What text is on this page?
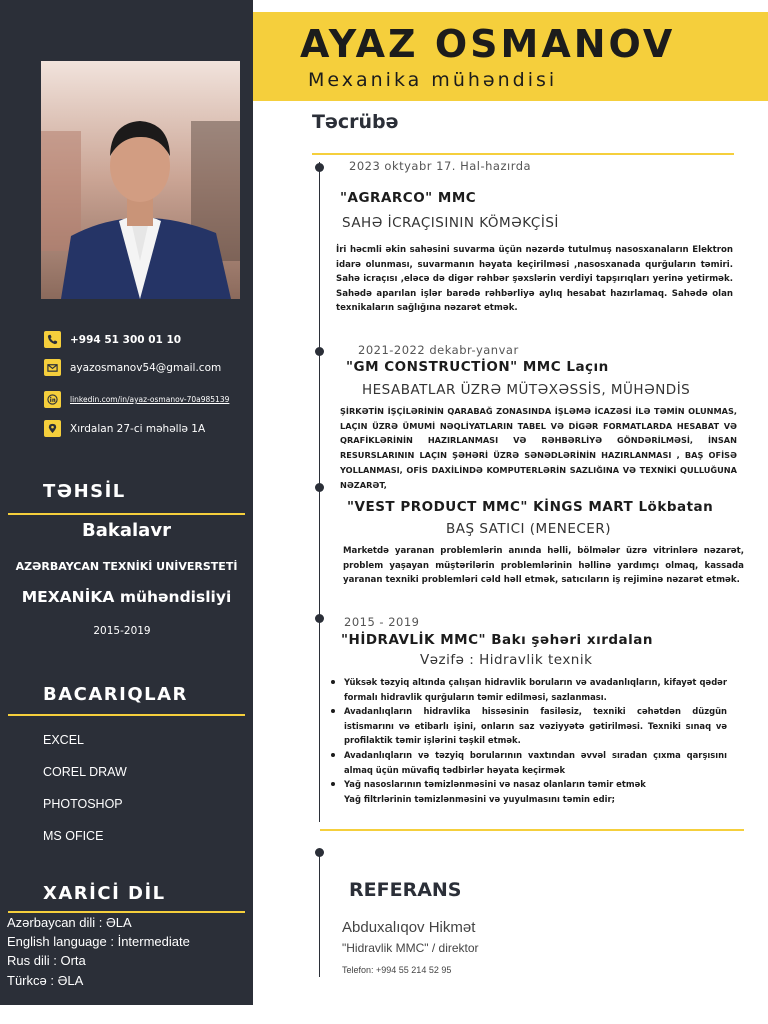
+994 51 300 01 10
ayazosmanov54@gmail.com
linkedin.com/in/ayaz-osmanov-70a985139
Xırdalan 27-ci məhəllə 1A
TƏHSİL
Bakalavr
AZƏRBAYCAN TEXNİKİ UNİVERSTETİ
MEXANİKA mühəndisliyi
2015-2019
BACARIQLAR
EXCEL
COREL DRAW
PHOTOSHOP
MS OFICE
XARİCİ DİL
Azərbaycan dili : ƏLA
English language : İntermediate
Rus dili : Orta
Türkcə : ƏLA
AYAZ OSMANOV
Mexanika mühəndisi
Təcrübə
2023 oktyabr 17. Hal-hazırda
"AGRARCO" MMC
SAHƏ İCRAÇISININ KÖMƏKÇİSİ
İri həcmli əkin sahəsini suvarma üçün nəzərdə tutulmuş nasosxanaların Elektron idarə olunması, suvarmanın həyata keçirilməsi ,nasosxanada qurğuların təmiri. Sahə icraçısı ,eləcə də digər rəhbər şəxslərin verdiyi tapşırıqları yerinə yetirmək. Sahədə aparılan işlər barədə rəhbərliyə aylıq hesabat hazırlamaq. Sahədə olan texnikaların sağlığına nəzarət etmək.
2021-2022 dekabr-yanvar
"GM CONSTRUCTİON" MMC Laçın
HESABATLAR ÜZRƏ MÜTƏXƏSSİS, MÜHƏNDİS
ŞİRKƏTİN İŞÇİLƏRİNİN QARABAĞ ZONASINDA İŞLƏMƏ İCAZƏSİ İLƏ TƏMİN OLUNMAS, LAÇIN ÜZRƏ ÜMUMİ NƏQLİYATLARIN TABEL VƏ DİGƏR FORMATLARDA HESABAT VƏ QRAFİKLƏRİNİN HAZIRLANMASI VƏ RƏHBƏRLİYƏ GÖNDƏRİLMƏSİ, İNSAN RESURSLARININ LAÇIN ŞƏHƏRİ ÜZRƏ SƏNƏDLƏRİNİN HAZIRLANMASI , BAŞ OFİSƏ YOLLANMASI, OFİS DAXİLİNDƏ KOMPUTERLƏRİN SAZLIĞINA VƏ TEXNİKİ QULLUĞUNA NƏZARƏT,
"VEST PRODUCT MMC" KİNGS MART Lökbatan
BAŞ SATICI (MENECER)
Marketdə yaranan problemlərin anında həlli, bölmələr üzrə vitrinlərə nəzarət, problem yaşayan müştərilərin problemlərinin həllinə yardımçı olmaq, kassada yaranan texniki problemləri cəld həll etmək, satıcıların iş rejiminə nəzarət etmək.
2015 - 2019
"HİDRAVLİK MMC" Bakı şəhəri xırdalan
Vəzifə : Hidravlik texnik
Yüksək təzyiq altında çalışan hidravlik boruların və avadanlıqların, kifayət qədər formalı hidravlik qurğuların təmir edilməsi, sazlanması.
Avadanlıqların hidravlika hissəsinin fasiləsiz, texniki cəhətdən düzgün istismarını və etibarlı işini, onların saz vəziyyətə gətirilməsi. Texniki sınaq və profilaktik təmir işlərini təşkil etmək.
Avadanlıqların və təzyiq borularının vaxtından əvvəl sıradan çıxma qarşısını almaq üçün müvafiq tədbirlər həyata keçirmək
Yağ nasoslarının təmizlənməsini və nasaz olanların təmir etmək
Yağ filtrlərinin təmizlənməsini və yuyulmasını təmin edir;
REFERANS
Abduxalıqov Hikmət
"Hidravlik MMC" / direktor
Telefon: +994 55 214 52 95
